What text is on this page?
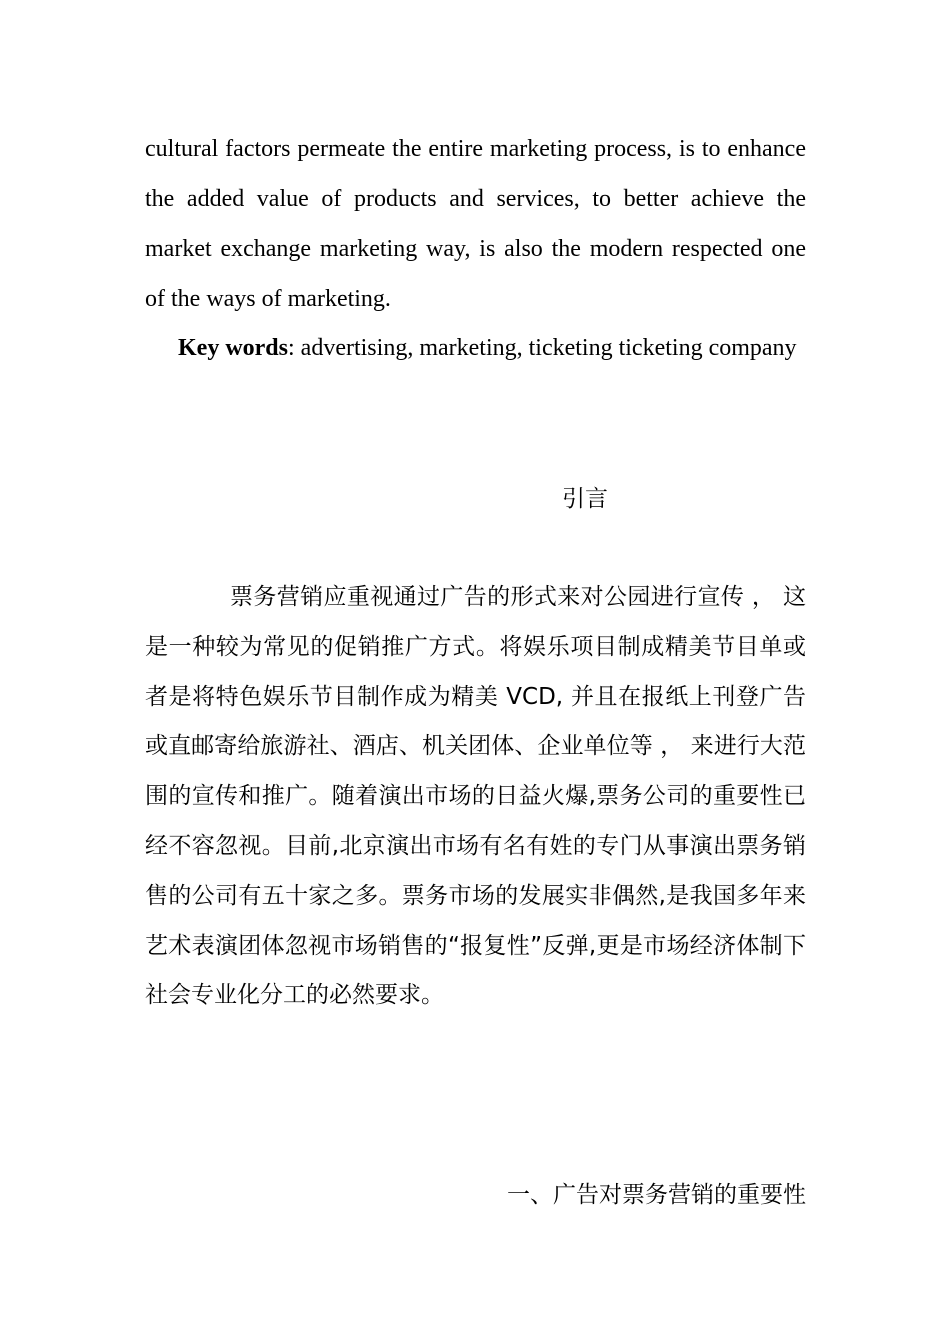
cultural factors permeate the entire marketing process, is to enhance the added value of products and services, to better achieve the market exchange marketing way, is also the modern respected one of the ways of marketing.

Key words: advertising, marketing, ticketing ticketing company

引言

票务营销应重视通过广告的形式来对公园进行宣传 ， 这是一种较为常见的促销推广方式。将娱乐项目制成精美节目单或者是将特色娱乐节目制作成为精美 VCD, 并且在报纸上刊登广告或直邮寄给旅游社、酒店、机关团体、企业单位等 ， 来进行大范围的宣传和推广。随着演出市场的日益火爆,票务公司的重要性已经不容忽视。目前,北京演出市场有名有姓的专门从事演出票务销售的公司有五十家之多。票务市场的发展实非偶然,是我国多年来艺术表演团体忽视市场销售的“报复性”反弹,更是市场经济体制下社会专业化分工的必然要求。

一、广告对票务营销的重要性
